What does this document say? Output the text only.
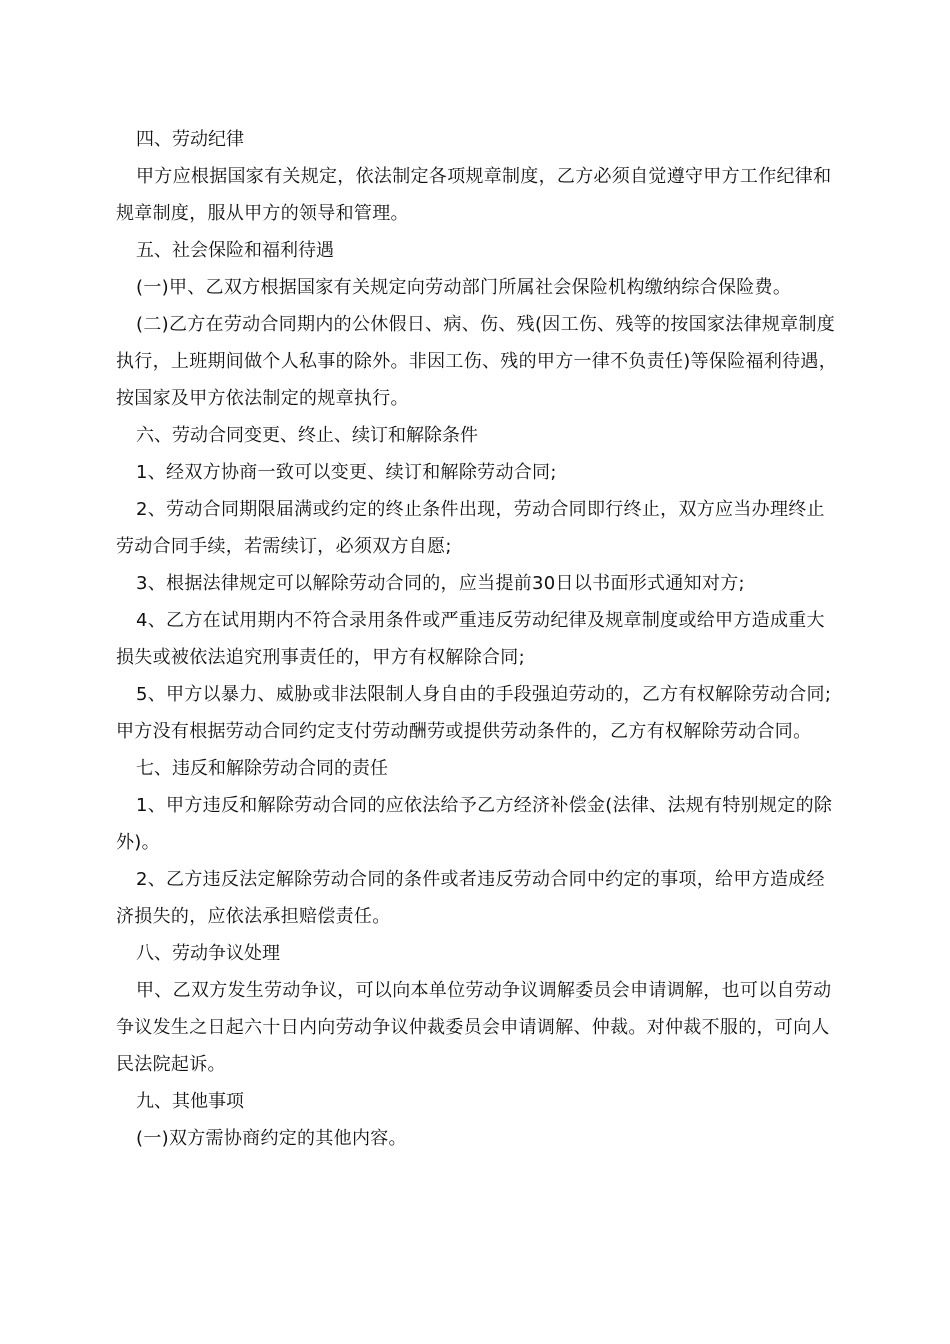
四、劳动纪律

甲方应根据国家有关规定，依法制定各项规章制度，乙方必须自觉遵守甲方工作纪律和规章制度，服从甲方的领导和管理。

五、社会保险和福利待遇

(一)甲、乙双方根据国家有关规定向劳动部门所属社会保险机构缴纳综合保险费。

(二)乙方在劳动合同期内的公休假日、病、伤、残(因工伤、残等的按国家法律规章制度执行，上班期间做个人私事的除外。非因工伤、残的甲方一律不负责任)等保险福利待遇，按国家及甲方依法制定的规章执行。

六、劳动合同变更、终止、续订和解除条件

1、经双方协商一致可以变更、续订和解除劳动合同;

2、劳动合同期限届满或约定的终止条件出现，劳动合同即行终止，双方应当办理终止劳动合同手续，若需续订，必须双方自愿;

3、根据法律规定可以解除劳动合同的，应当提前30日以书面形式通知对方;

4、乙方在试用期内不符合录用条件或严重违反劳动纪律及规章制度或给甲方造成重大损失或被依法追究刑事责任的，甲方有权解除合同;

5、甲方以暴力、威胁或非法限制人身自由的手段强迫劳动的，乙方有权解除劳动合同;甲方没有根据劳动合同约定支付劳动酬劳或提供劳动条件的，乙方有权解除劳动合同。

七、违反和解除劳动合同的责任

1、甲方违反和解除劳动合同的应依法给予乙方经济补偿金(法律、法规有特别规定的除外)。

2、乙方违反法定解除劳动合同的条件或者违反劳动合同中约定的事项，给甲方造成经济损失的，应依法承担赔偿责任。

八、劳动争议处理

甲、乙双方发生劳动争议，可以向本单位劳动争议调解委员会申请调解，也可以自劳动争议发生之日起六十日内向劳动争议仲裁委员会申请调解、仲裁。对仲裁不服的，可向人民法院起诉。

九、其他事项

(一)双方需协商约定的其他内容。
